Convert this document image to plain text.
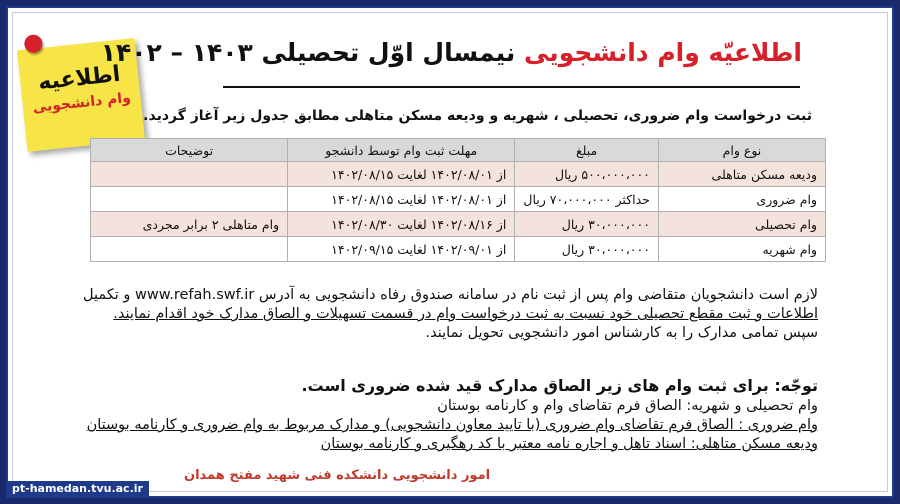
اطلاعیه
وام دانشجویی
اطلاعیّه وام دانشجویی نیمسال اوّل تحصیلی ۱۴۰۳ – ۱۴۰۲
ثبت درخواست وام ضروری، تحصیلی ، شهریه و ودیعه مسکن متاهلی مطابق جدول زیر آغاز گردید.
نوع وام	مبلغ	مهلت ثبت وام توسط دانشجو	توضیحات
ودیعه مسکن متاهلی	۵۰۰،۰۰۰،۰۰۰ ریال	از ۱۴۰۲/۰۸/۰۱ لغایت ۱۴۰۲/۰۸/۱۵	
وام ضروری	حداکثر ۷۰،۰۰۰،۰۰۰ ریال	از ۱۴۰۲/۰۸/۰۱ لغایت ۱۴۰۲/۰۸/۱۵	
وام تحصیلی	۳۰،۰۰۰،۰۰۰ ریال	از ۱۴۰۲/۰۸/۱۶ لغایت ۱۴۰۲/۰۸/۳۰	وام متاهلی ۲ برابر مجردی
وام شهریه	۳۰،۰۰۰،۰۰۰ ریال	از ۱۴۰۲/۰۹/۰۱ لغایت ۱۴۰۲/۰۹/۱۵	
لازم است دانشجویان متقاضی وام پس از ثبت نام در سامانه صندوق رفاه دانشجویی به آدرس www.refah.swf.ir و تکمیل
اطلاعات و ثبت مقطع تحصیلی خود نسبت به ثبت درخواست وام در قسمت تسهیلات و الصاق مدارک خود اقدام نمایند.
سپس تمامی مدارک را به کارشناس امور دانشجویی تحویل نمایند.
توجّه: برای ثبت وام های زیر الصاق مدارک قید شده ضروری است.
وام تحصیلی و شهریه: الصاق فرم تقاضای وام و کارنامه بوستان
وام ضروری : الصاق فرم تقاضای وام ضروری (با تایید معاون دانشجویی) و مدارک مربوط به وام ضروری و کارنامه بوستان
ودیعه مسکن متاهلی: اسناد تاهل و اجاره نامه معتبر با کد رهگیری و کارنامه بوستان
امور دانشجویی دانشکده فنی شهید مفتح همدان
pt-hamedan.tvu.ac.ir
